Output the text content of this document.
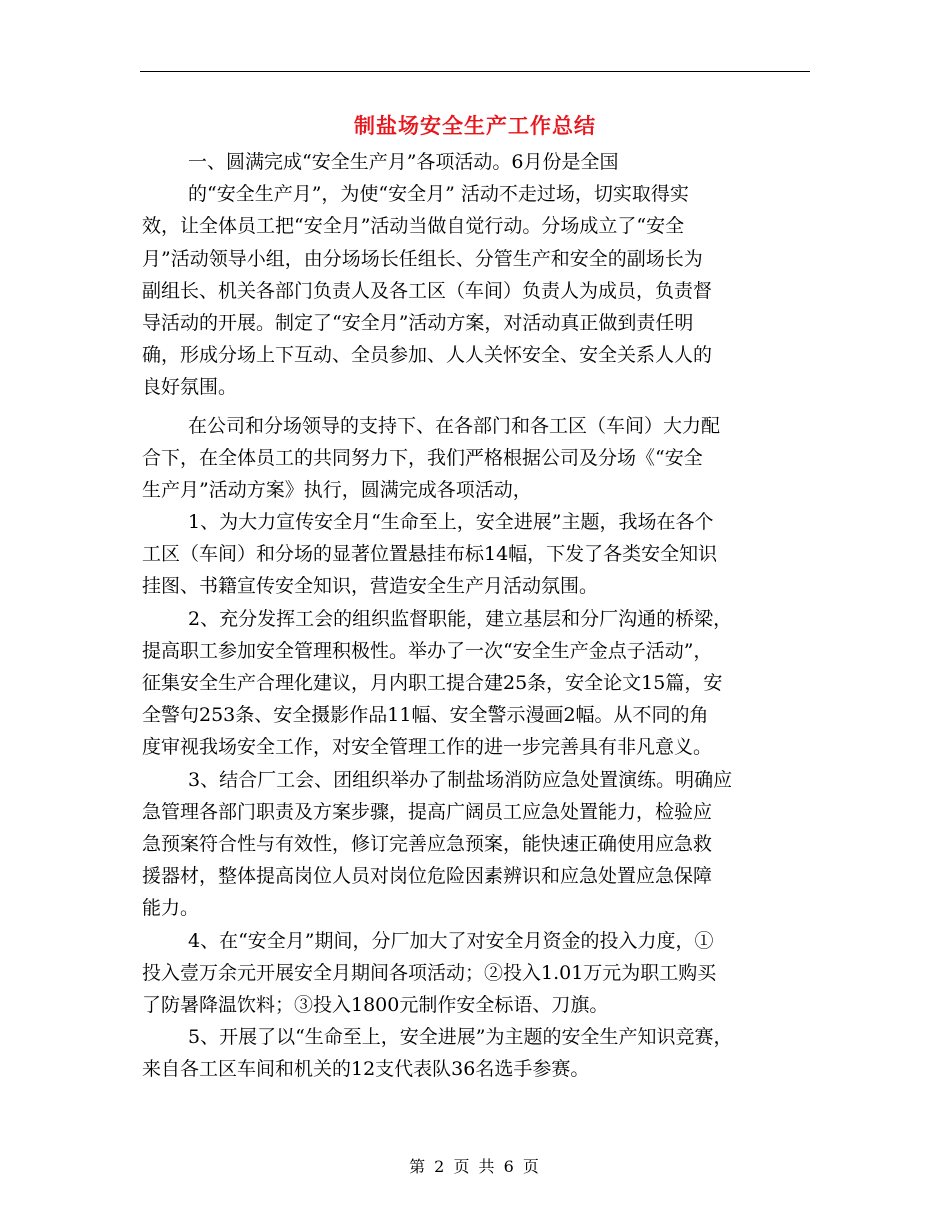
制盐场安全生产工作总结
一、圆满完成“安全生产月”各项活动。6月份是全国
的“安全生产月”，为使“安全月” 活动不走过场，切实取得实
效，让全体员工把“安全月”活动当做自觉行动。分场成立了“安全
月”活动领导小组，由分场场长任组长、分管生产和安全的副场长为
副组长、机关各部门负责人及各工区（车间）负责人为成员，负责督
导活动的开展。制定了“安全月”活动方案，对活动真正做到责任明
确，形成分场上下互动、全员参加、人人关怀安全、安全关系人人的
良好氛围。
在公司和分场领导的支持下、在各部门和各工区（车间）大力配
合下，在全体员工的共同努力下，我们严格根据公司及分场《“安全
生产月”活动方案》执行，圆满完成各项活动，
1、为大力宣传安全月“生命至上，安全进展”主题，我场在各个
工区（车间）和分场的显著位置悬挂布标14幅，下发了各类安全知识
挂图、书籍宣传安全知识，营造安全生产月活动氛围。
2、充分发挥工会的组织监督职能，建立基层和分厂沟通的桥梁，
提高职工参加安全管理积极性。举办了一次“安全生产金点子活动”，
征集安全生产合理化建议，月内职工提合建25条，安全论文15篇，安
全警句253条、安全摄影作品11幅、安全警示漫画2幅。从不同的角
度审视我场安全工作，对安全管理工作的进一步完善具有非凡意义。
3、结合厂工会、团组织举办了制盐场消防应急处置演练。明确应
急管理各部门职责及方案步骤，提高广阔员工应急处置能力，检验应
急预案符合性与有效性，修订完善应急预案，能快速正确使用应急救
援器材，整体提高岗位人员对岗位危险因素辨识和应急处置应急保障
能力。
4、在“安全月”期间，分厂加大了对安全月资金的投入力度，①
投入壹万余元开展安全月期间各项活动；②投入1.01万元为职工购买
了防暑降温饮料；③投入1800元制作安全标语、刀旗。
5、开展了以“生命至上，安全进展”为主题的安全生产知识竞赛，
来自各工区车间和机关的12支代表队36名选手参赛。
第 2 页 共 6 页
